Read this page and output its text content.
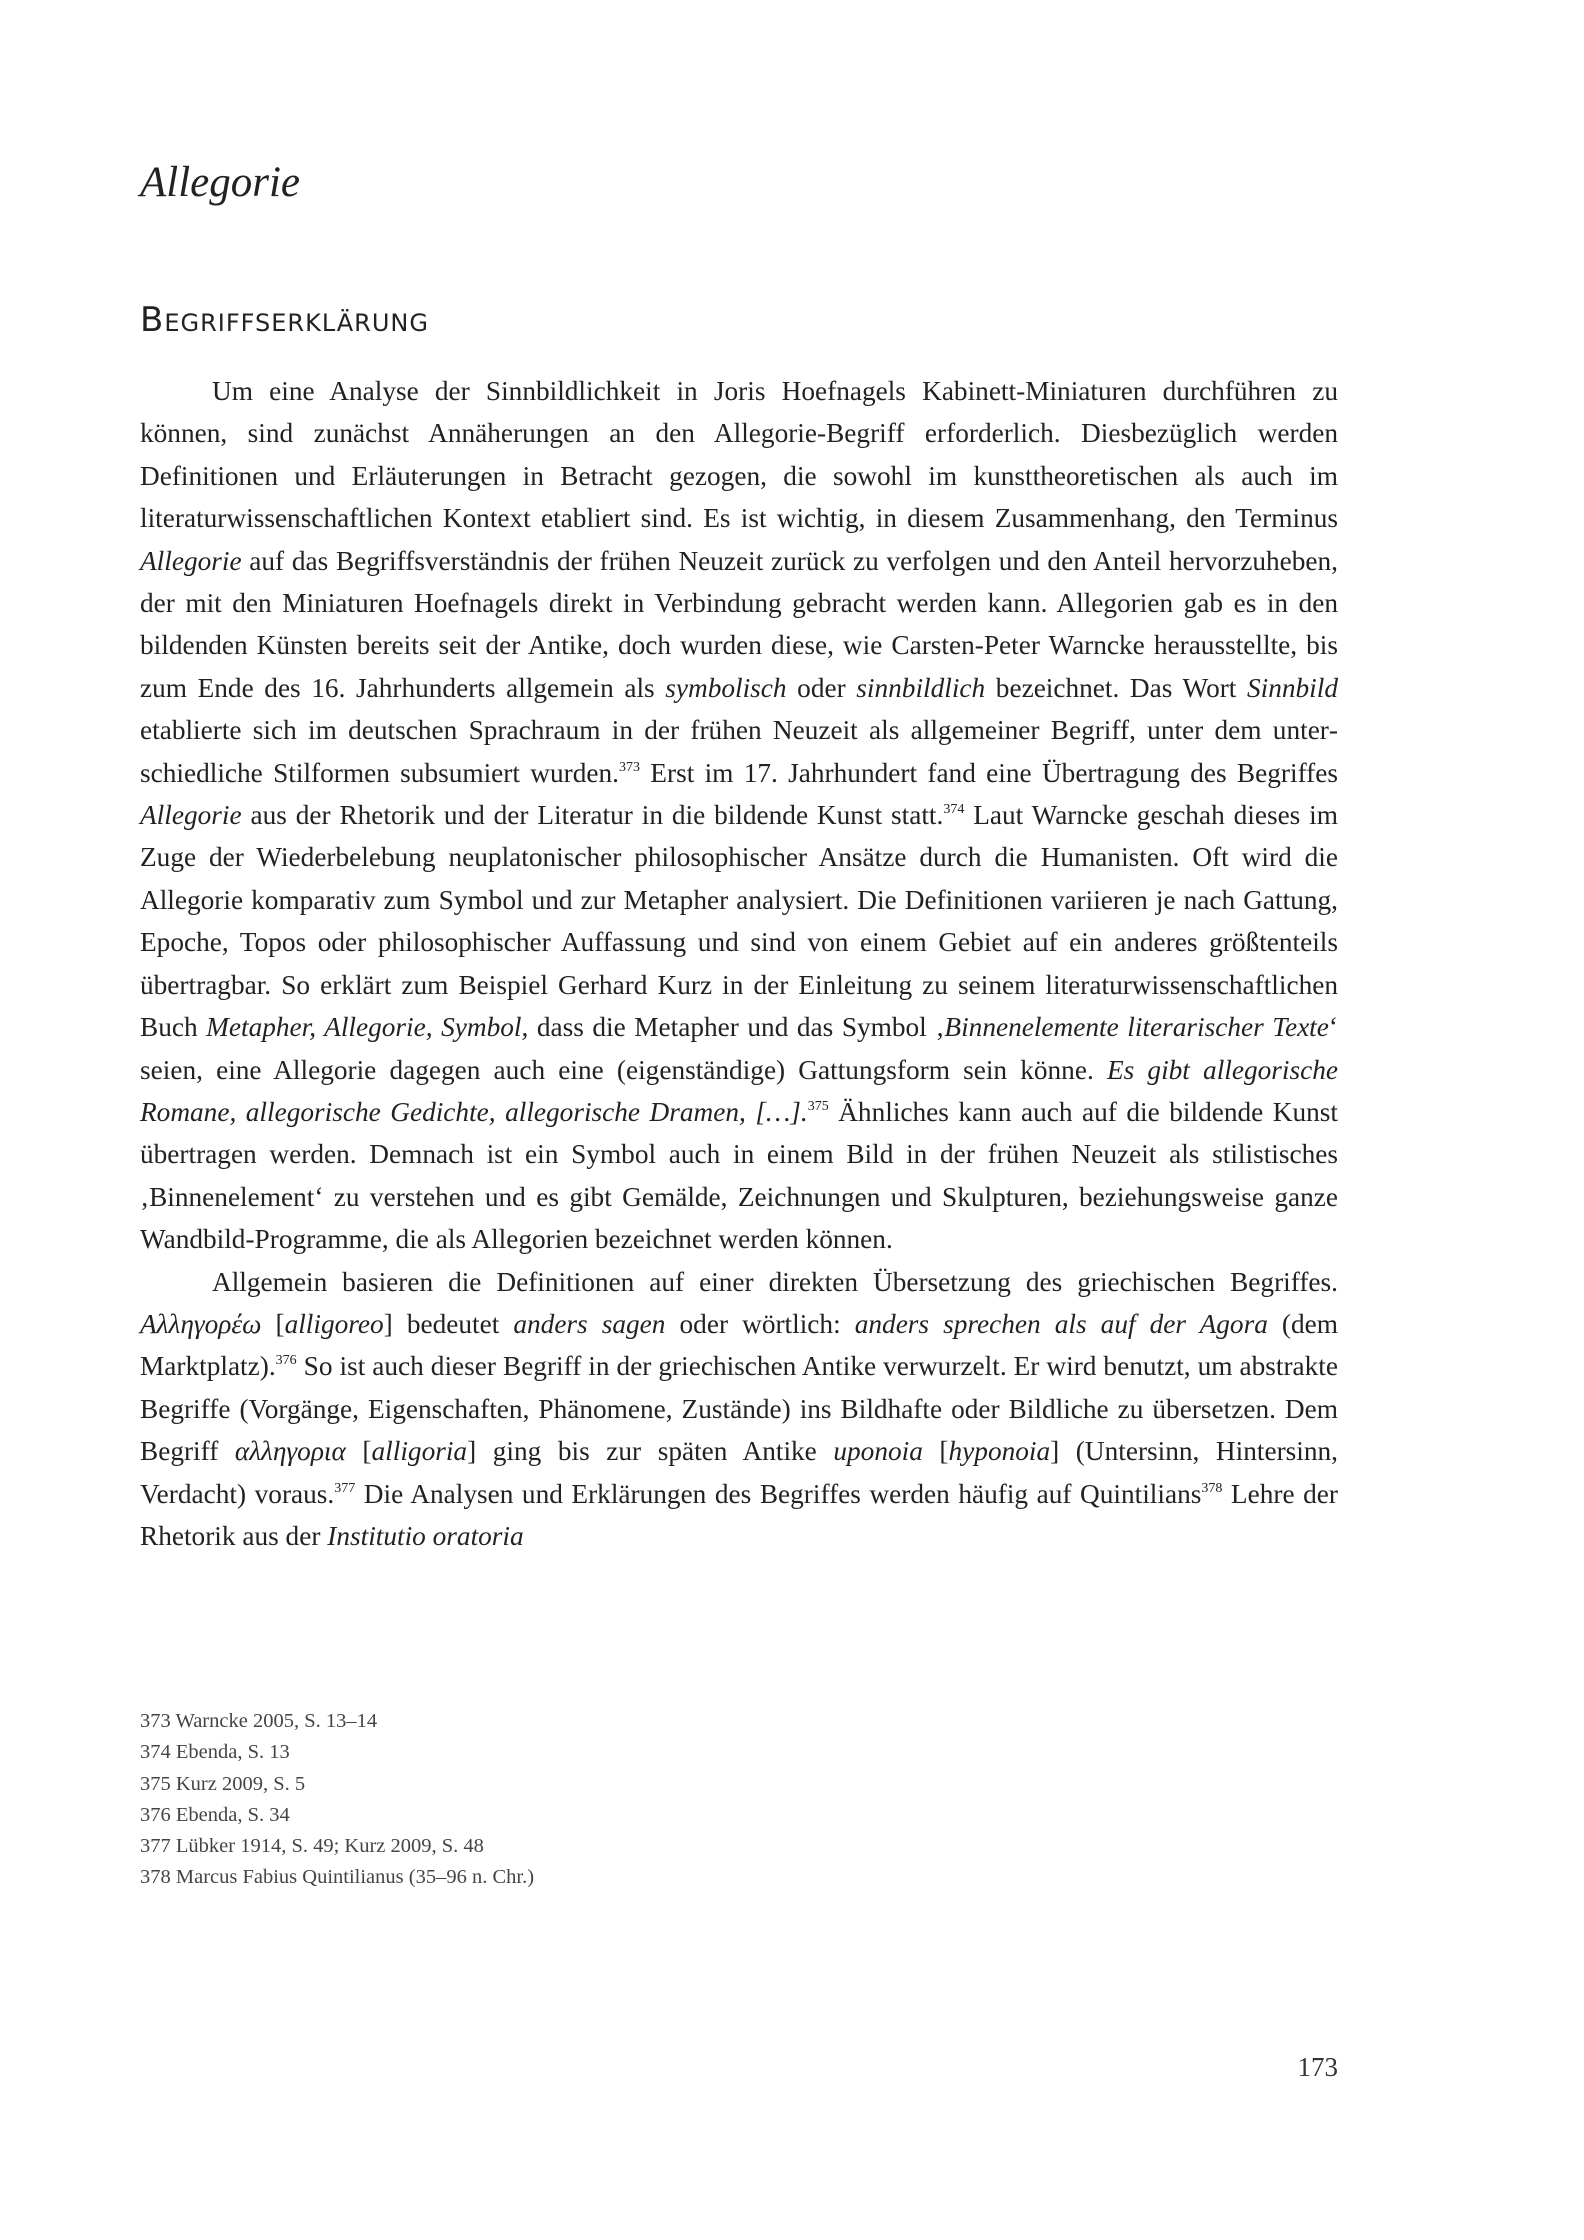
Allegorie
Begriffserklärung

Um eine Analyse der Sinnbildlichkeit in Joris Hoefnagels Kabinett-Miniaturen durchführen zu können, sind zunächst Annäherungen an den Allegorie-Begriff erforderlich. Diesbezüglich werden Definitionen und Erläuterungen in Betracht gezogen, die sowohl im kunsttheoretischen als auch im literaturwissenschaftlichen Kontext etabliert sind. Es ist wichtig, in diesem Zusammenhang, den Terminus Allegorie auf das Begriffsverständnis der frühen Neuzeit zurück zu verfolgen und den Anteil hervorzuheben, der mit den Miniaturen Hoefnagels direkt in Verbindung gebracht werden kann. Allegorien gab es in den bildenden Künsten bereits seit der Antike, doch wurden diese, wie Carsten-Peter Warncke herausstellte, bis zum Ende des 16. Jahrhunderts allgemein als symbolisch oder sinnbildlich bezeichnet. Das Wort Sinnbild etablierte sich im deutschen Sprachraum in der frühen Neuzeit als allgemeiner Begriff, unter dem unterschiedliche Stilformen subsumiert wurden.$^{373}$ Erst im 17. Jahrhundert fand eine Übertragung des Begriffes Allegorie aus der Rhetorik und der Literatur in die bildende Kunst statt.$^{374}$ Laut Warncke geschah dieses im Zuge der Wiederbelebung neuplatonischer philosophischer Ansätze durch die Humanisten. Oft wird die Allegorie komparativ zum Symbol und zur Metapher analysiert. Die Definitionen variieren je nach Gattung, Epoche, Topos oder philosophischer Auffassung und sind von einem Gebiet auf ein anderes größtenteils übertragbar. So erklärt zum Beispiel Gerhard Kurz in der Einleitung zu seinem literaturwissenschaftlichen Buch Metapher, Allegorie, Symbol, dass die Metapher und das Symbol ‚Binnenelemente literarischer Texte‘ seien, eine Allegorie dagegen auch eine (eigenständige) Gattungsform sein könne. Es gibt allegorische Romane, allegorische Gedichte, allegorische Dramen, […].$^{375}$ Ähnliches kann auch auf die bildende Kunst übertragen werden. Demnach ist ein Symbol auch in einem Bild in der frühen Neuzeit als stilistisches ‚Binnenelement‘ zu verstehen und es gibt Gemälde, Zeichnungen und Skulpturen, beziehungsweise ganze Wandbild-Programme, die als Allegorien bezeichnet werden können.

Allgemein basieren die Definitionen auf einer direkten Übersetzung des griechischen Begriffes. Αλληγορέω [alligoreo] bedeutet anders sagen oder wörtlich: anders sprechen als auf der Agora (dem Marktplatz).$^{376}$ So ist auch dieser Begriff in der griechischen Antike verwurzelt. Er wird benutzt, um abstrakte Begriffe (Vorgänge, Eigenschaften, Phänomene, Zustände) ins Bildhafte oder Bildliche zu übersetzen. Dem Begriff αλληγορια [alligoria] ging bis zur späten Antike uponoia [hyponoia] (Untersinn, Hintersinn, Verdacht) voraus.$^{377}$ Die Analysen und Erklärungen des Begriffes werden häufig auf Quintilians$^{378}$ Lehre der Rhetorik aus der Institutio oratoria

373 Warncke 2005, S. 13–14

374 Ebenda, S. 13

375 Kurz 2009, S. 5

376 Ebenda, S. 34

377 Lübker 1914, S. 49; Kurz 2009, S. 48

378 Marcus Fabius Quintilianus (35–96 n. Chr.)

173
